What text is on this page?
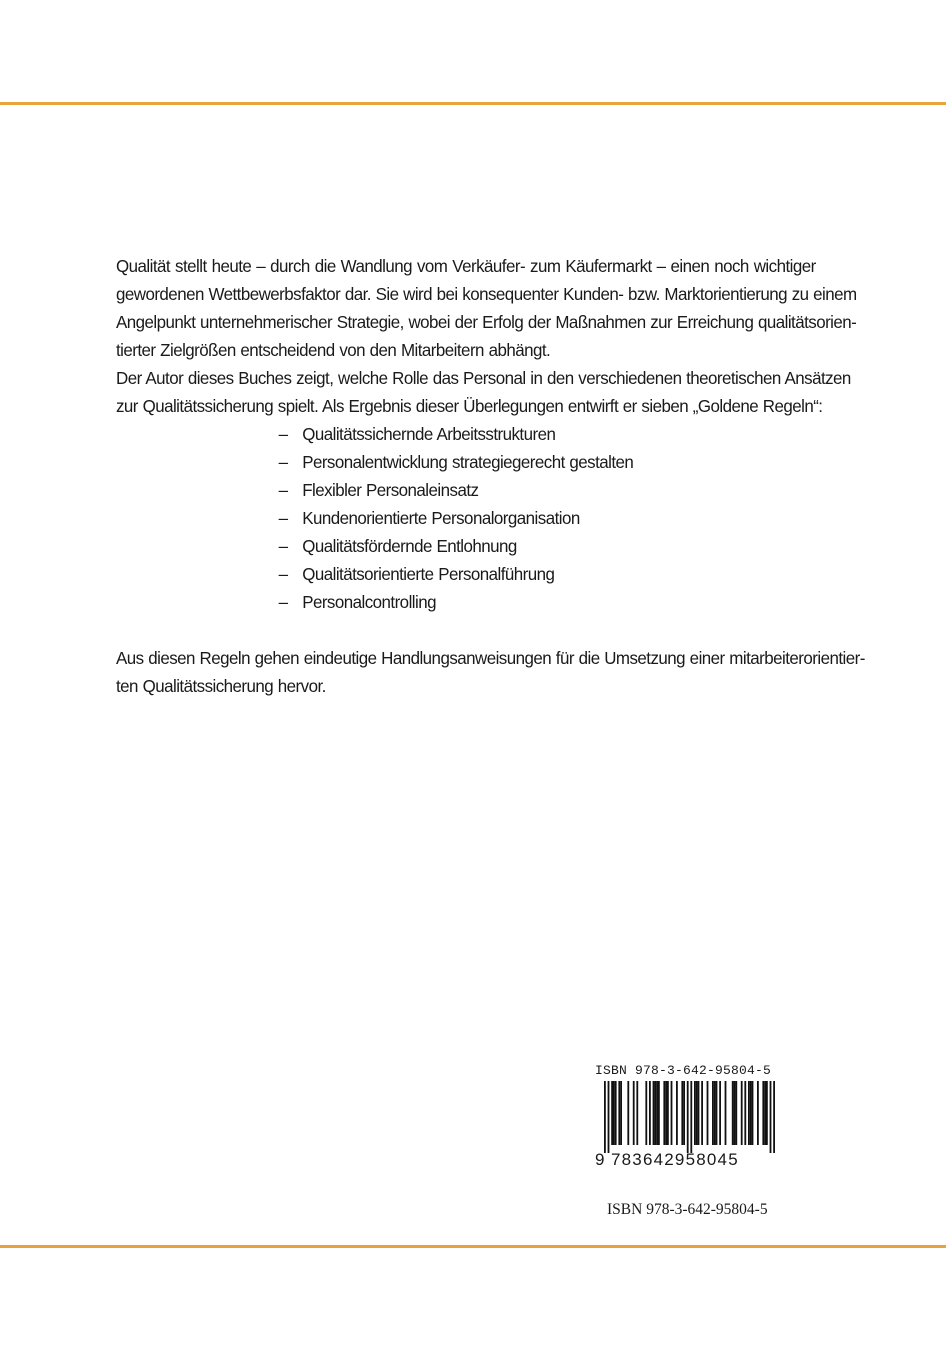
Qualität stellt heute – durch die Wandlung vom Verkäufer- zum Käufermarkt – einen noch wichtiger
gewordenen Wettbewerbsfaktor dar. Sie wird bei konsequenter Kunden- bzw. Marktorientierung zu einem
Angelpunkt unternehmerischer Strategie, wobei der Erfolg der Maßnahmen zur Erreichung qualitätsorien-
tierter Zielgrößen entscheidend von den Mitarbeitern abhängt.

Der Autor dieses Buches zeigt, welche Rolle das Personal in den verschiedenen theoretischen Ansätzen
zur Qualitätssicherung spielt. Als Ergebnis dieser Überlegungen entwirft er sieben „Goldene Regeln“:

– Qualitätssichernde Arbeitsstrukturen
– Personalentwicklung strategiegerecht gestalten
– Flexibler Personaleinsatz
– Kundenorientierte Personalorganisation
– Qualitätsfördernde Entlohnung
– Qualitätsorientierte Personalführung
– Personalcontrolling

Aus diesen Regeln gehen eindeutige Handlungsanweisungen für die Umsetzung einer mitarbeiterorientier-
ten Qualitätssicherung hervor.

ISBN 978-3-642-95804-5
9 783642958045
ISBN 978-3-642-95804-5
